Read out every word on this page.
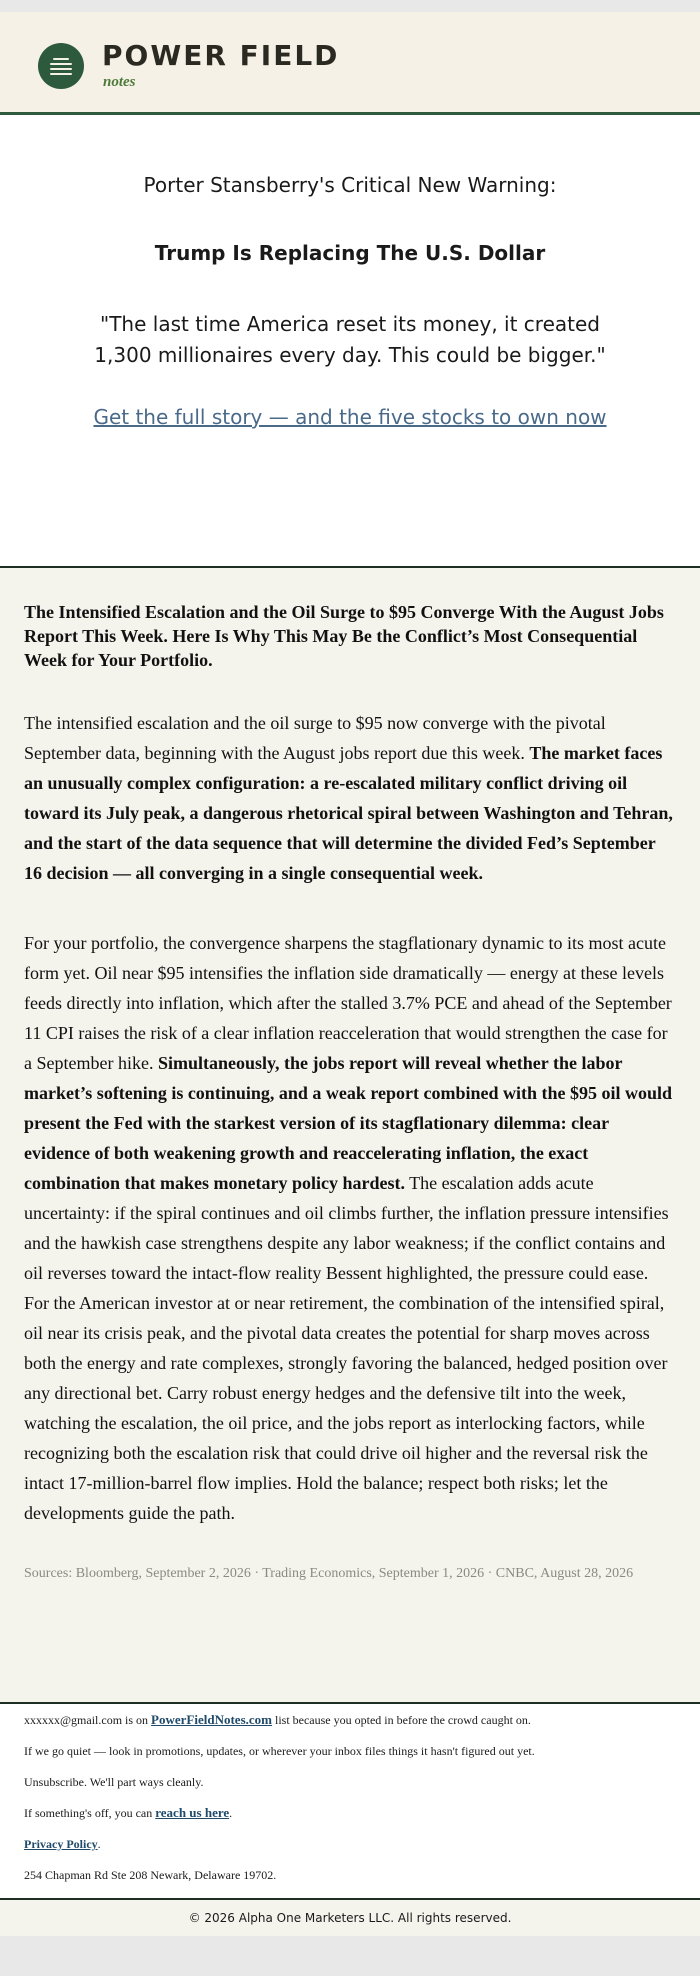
POWER FIELD
notes
Porter Stansberry's Critical New Warning:
Trump Is Replacing The U.S. Dollar
"The last time America reset its money, it created 1,300 millionaires every day. This could be bigger."
Get the full story — and the five stocks to own now
The Intensified Escalation and the Oil Surge to $95 Converge With the August Jobs Report This Week. Here Is Why This May Be the Conflict’s Most Consequential Week for Your Portfolio.

The intensified escalation and the oil surge to $95 now converge with the pivotal September data, beginning with the August jobs report due this week. The market faces an unusually complex configuration: a re-escalated military conflict driving oil toward its July peak, a dangerous rhetorical spiral between Washington and Tehran, and the start of the data sequence that will determine the divided Fed’s September 16 decision — all converging in a single consequential week.

For your portfolio, the convergence sharpens the stagflationary dynamic to its most acute form yet. Oil near $95 intensifies the inflation side dramatically — energy at these levels feeds directly into inflation, which after the stalled 3.7% PCE and ahead of the September 11 CPI raises the risk of a clear inflation reacceleration that would strengthen the case for a September hike. Simultaneously, the jobs report will reveal whether the labor market’s softening is continuing, and a weak report combined with the $95 oil would present the Fed with the starkest version of its stagflationary dilemma: clear evidence of both weakening growth and reaccelerating inflation, the exact combination that makes monetary policy hardest. The escalation adds acute uncertainty: if the spiral continues and oil climbs further, the inflation pressure intensifies and the hawkish case strengthens despite any labor weakness; if the conflict contains and oil reverses toward the intact-flow reality Bessent highlighted, the pressure could ease. For the American investor at or near retirement, the combination of the intensified spiral, oil near its crisis peak, and the pivotal data creates the potential for sharp moves across both the energy and rate complexes, strongly favoring the balanced, hedged position over any directional bet. Carry robust energy hedges and the defensive tilt into the week, watching the escalation, the oil price, and the jobs report as interlocking factors, while recognizing both the escalation risk that could drive oil higher and the reversal risk the intact 17-million-barrel flow implies. Hold the balance; respect both risks; let the developments guide the path.

Sources: Bloomberg, September 2, 2026 · Trading Economics, September 1, 2026 · CNBC, August 28, 2026

xxxxxx@gmail.com is on PowerFieldNotes.com list because you opted in before the crowd caught on.

If we go quiet — look in promotions, updates, or wherever your inbox files things it hasn't figured out yet.

Unsubscribe. We'll part ways cleanly.

If something's off, you can reach us here.

Privacy Policy.

254 Chapman Rd Ste 208 Newark, Delaware 19702.

© 2026 Alpha One Marketers LLC. All rights reserved.
